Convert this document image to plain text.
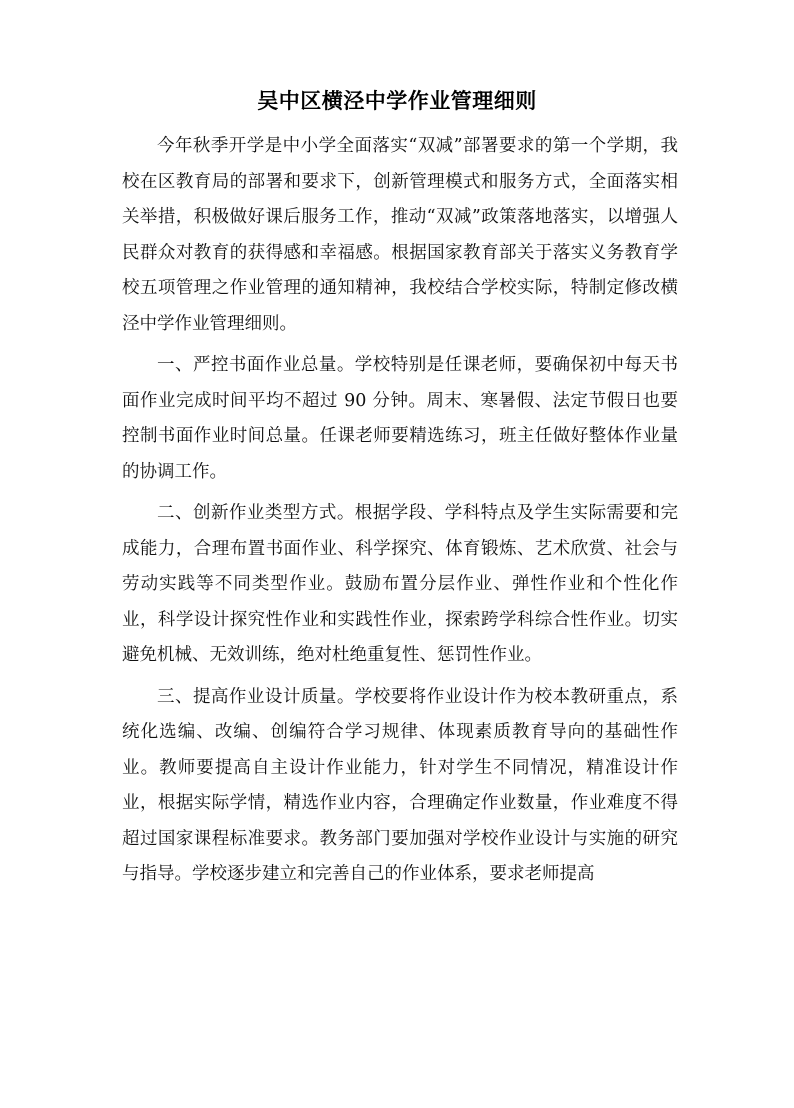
吴中区横泾中学作业管理细则

今年秋季开学是中小学全面落实“双减”部署要求的第一个学期，我校在区教育局的部署和要求下，创新管理模式和服务方式，全面落实相关举措，积极做好课后服务工作，推动“双减”政策落地落实，以增强人民群众对教育的获得感和幸福感。根据国家教育部关于落实义务教育学校五项管理之作业管理的通知精神，我校结合学校实际，特制定修改横泾中学作业管理细则。

一、严控书面作业总量。学校特别是任课老师，要确保初中每天书面作业完成时间平均不超过 90 分钟。周末、寒暑假、法定节假日也要控制书面作业时间总量。任课老师要精选练习，班主任做好整体作业量的协调工作。

二、创新作业类型方式。根据学段、学科特点及学生实际需要和完成能力，合理布置书面作业、科学探究、体育锻炼、艺术欣赏、社会与劳动实践等不同类型作业。鼓励布置分层作业、弹性作业和个性化作业，科学设计探究性作业和实践性作业，探索跨学科综合性作业。切实避免机械、无效训练，绝对杜绝重复性、惩罚性作业。

三、提高作业设计质量。学校要将作业设计作为校本教研重点，系统化选编、改编、创编符合学习规律、体现素质教育导向的基础性作业。教师要提高自主设计作业能力，针对学生不同情况，精准设计作业，根据实际学情，精选作业内容，合理确定作业数量，作业难度不得超过国家课程标准要求。教务部门要加强对学校作业设计与实施的研究与指导。学校逐步建立和完善自己的作业体系，要求老师提高
